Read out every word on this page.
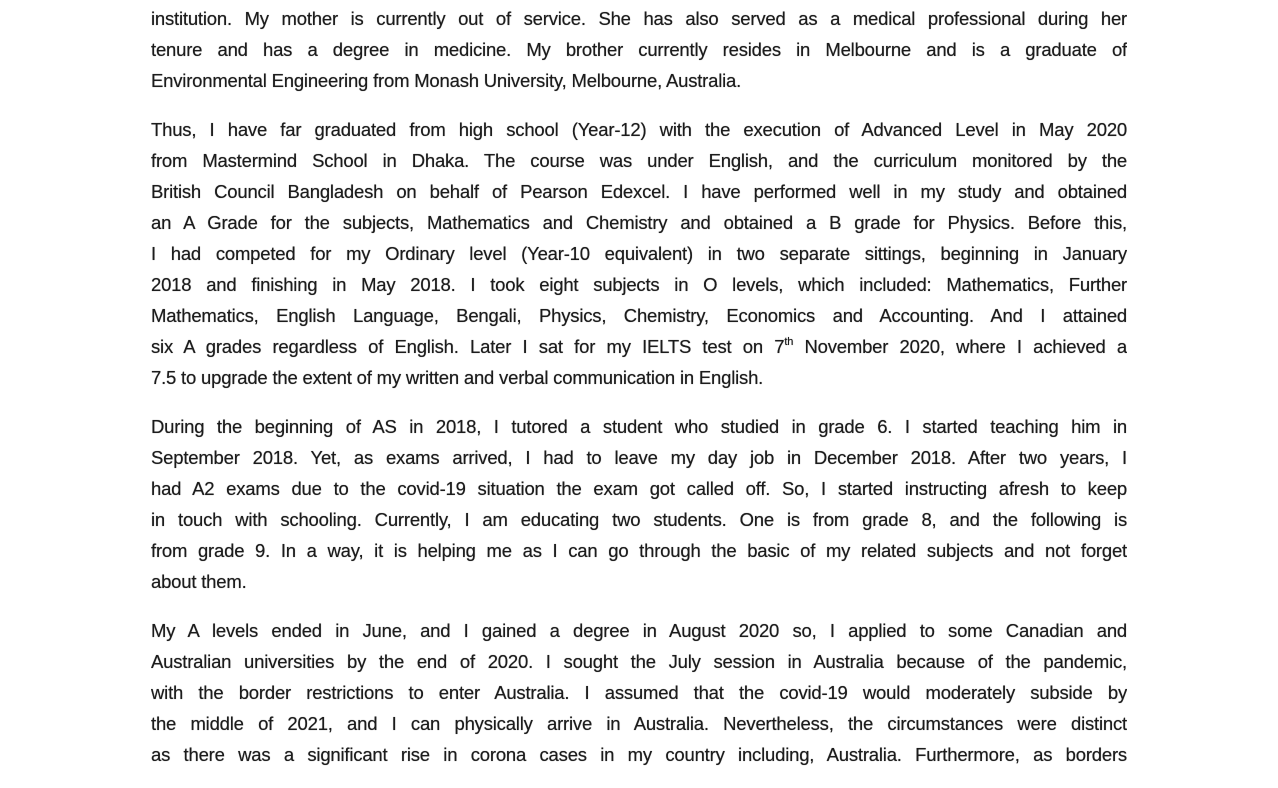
institution. My mother is currently out of service. She has also served as a medical professional during her
tenure and has a degree in medicine. My brother currently resides in Melbourne and is a graduate of
Environmental Engineering from Monash University, Melbourne, Australia.
Thus, I have far graduated from high school (Year-12) with the execution of Advanced Level in May 2020
from Mastermind School in Dhaka. The course was under English, and the curriculum monitored by the
British Council Bangladesh on behalf of Pearson Edexcel. I have performed well in my study and obtained
an A Grade for the subjects, Mathematics and Chemistry and obtained a B grade for Physics. Before this,
I had competed for my Ordinary level (Year-10 equivalent) in two separate sittings, beginning in January
2018 and finishing in May 2018. I took eight subjects in O levels, which included: Mathematics, Further
Mathematics, English Language, Bengali, Physics, Chemistry, Economics and Accounting. And I attained
six A grades regardless of English. Later I sat for my IELTS test on 7th November 2020, where I achieved a
7.5 to upgrade the extent of my written and verbal communication in English.
During the beginning of AS in 2018, I tutored a student who studied in grade 6. I started teaching him in
September 2018. Yet, as exams arrived, I had to leave my day job in December 2018. After two years, I
had A2 exams due to the covid-19 situation the exam got called off. So, I started instructing afresh to keep
in touch with schooling. Currently, I am educating two students. One is from grade 8, and the following is
from grade 9. In a way, it is helping me as I can go through the basic of my related subjects and not forget
about them.
My A levels ended in June, and I gained a degree in August 2020 so, I applied to some Canadian and
Australian universities by the end of 2020. I sought the July session in Australia because of the pandemic,
with the border restrictions to enter Australia. I assumed that the covid-19 would moderately subside by
the middle of 2021, and I can physically arrive in Australia. Nevertheless, the circumstances were distinct
as there was a significant rise in corona cases in my country including, Australia. Furthermore, as borders
